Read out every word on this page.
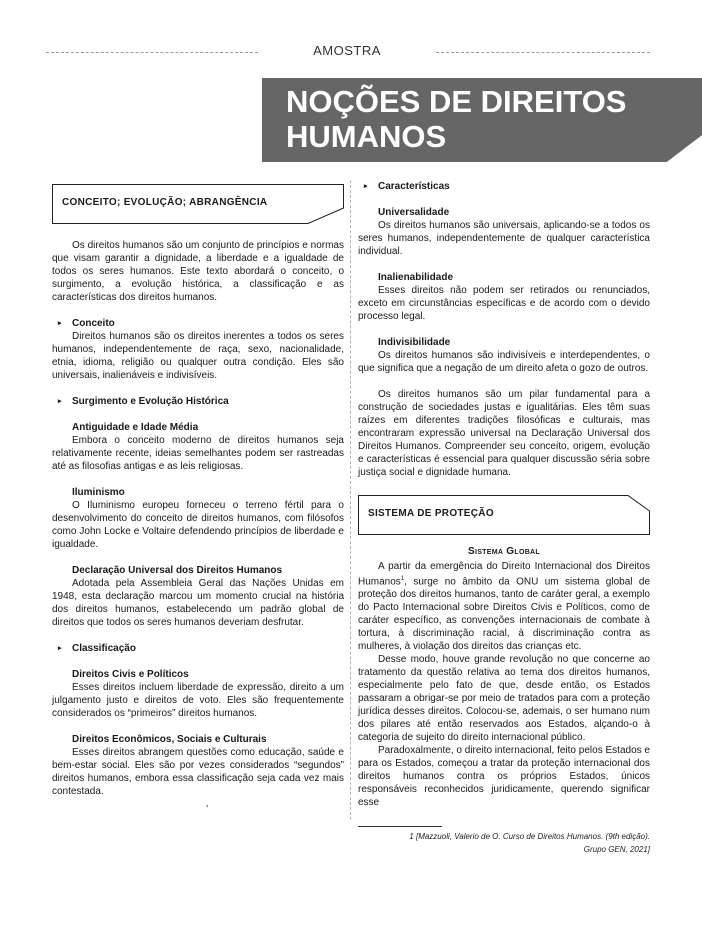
AMOSTRA
NOÇÕES DE DIREITOS
HUMANOS
CONCEITO; EVOLUÇÃO; ABRANGÊNCIA

Os direitos humanos são um conjunto de princípios e normas que visam garantir a dignidade, a liberdade e a igualdade de todos os seres humanos. Este texto abordará o conceito, o surgimento, a evolução histórica, a classificação e as características dos direitos humanos.

▸ Conceito

Direitos humanos são os direitos inerentes a todos os seres humanos, independentemente de raça, sexo, nacionalidade, etnia, idioma, religião ou qualquer outra condição. Eles são universais, inalienáveis e indivisíveis.

▸ Surgimento e Evolução Histórica
Antiguidade e Idade Média

Embora o conceito moderno de direitos humanos seja relativamente recente, ideias semelhantes podem ser rastreadas até as filosofias antigas e as leis religiosas.

Iluminismo

O Iluminismo europeu forneceu o terreno fértil para o desenvolvimento do conceito de direitos humanos, com filósofos como John Locke e Voltaire defendendo princípios de liberdade e igualdade.

Declaração Universal dos Direitos Humanos

Adotada pela Assembleia Geral das Nações Unidas em 1948, esta declaração marcou um momento crucial na história dos direitos humanos, estabelecendo um padrão global de direitos que todos os seres humanos deveriam desfrutar.

▸ Classificação
Direitos Civis e Políticos

Esses direitos incluem liberdade de expressão, direito a um julgamento justo e direitos de voto. Eles são frequentemente considerados os “primeiros” direitos humanos.

Direitos Econômicos, Sociais e Culturais

Esses direitos abrangem questões como educação, saúde e bem-estar social. Eles são por vezes considerados “segundos” direitos humanos, embora essa classificação seja cada vez mais contestada.

’
▸ Características
Universalidade

Os direitos humanos são universais, aplicando-se a todos os seres humanos, independentemente de qualquer característica individual.

Inalienabilidade

Esses direitos não podem ser retirados ou renunciados, exceto em circunstâncias específicas e de acordo com o devido processo legal.

Indivisibilidade

Os direitos humanos são indivisíveis e interdependentes, o que significa que a negação de um direito afeta o gozo de outros.

Os direitos humanos são um pilar fundamental para a construção de sociedades justas e igualitárias. Eles têm suas raízes em diferentes tradições filosóficas e culturais, mas encontraram expressão universal na Declaração Universal dos Direitos Humanos. Compreender seu conceito, origem, evolução e características é essencial para qualquer discussão séria sobre justiça social e dignidade humana.

SISTEMA DE PROTEÇÃO
Sistema Global

A partir da emergência do Direito Internacional dos Direitos Humanos$^1$, surge no âmbito da ONU um sistema global de proteção dos direitos humanos, tanto de caráter geral, a exemplo do Pacto Internacional sobre Direitos Civis e Políticos, como de caráter específico, as convenções internacionais de combate à tortura, à discriminação racial, à discriminação contra as mulheres, à violação dos direitos das crianças etc.

Desse modo, houve grande revolução no que concerne ao tratamento da questão relativa ao tema dos direitos humanos, especialmente pelo fato de que, desde então, os Estados passaram a obrigar-se por meio de tratados para com a proteção jurídica desses direitos. Colocou-se, ademais, o ser humano num dos pilares até então reservados aos Estados, alçando-o à categoria de sujeito do direito internacional público.

Paradoxalmente, o direito internacional, feito pelos Estados e para os Estados, começou a tratar da proteção internacional dos direitos humanos contra os próprios Estados, únicos responsáveis reconhecidos juridicamente, querendo significar esse

1 [Mazzuoli, Valerio de O. Curso de Direitos Humanos. (9th edição).
Grupo GEN, 2021]
